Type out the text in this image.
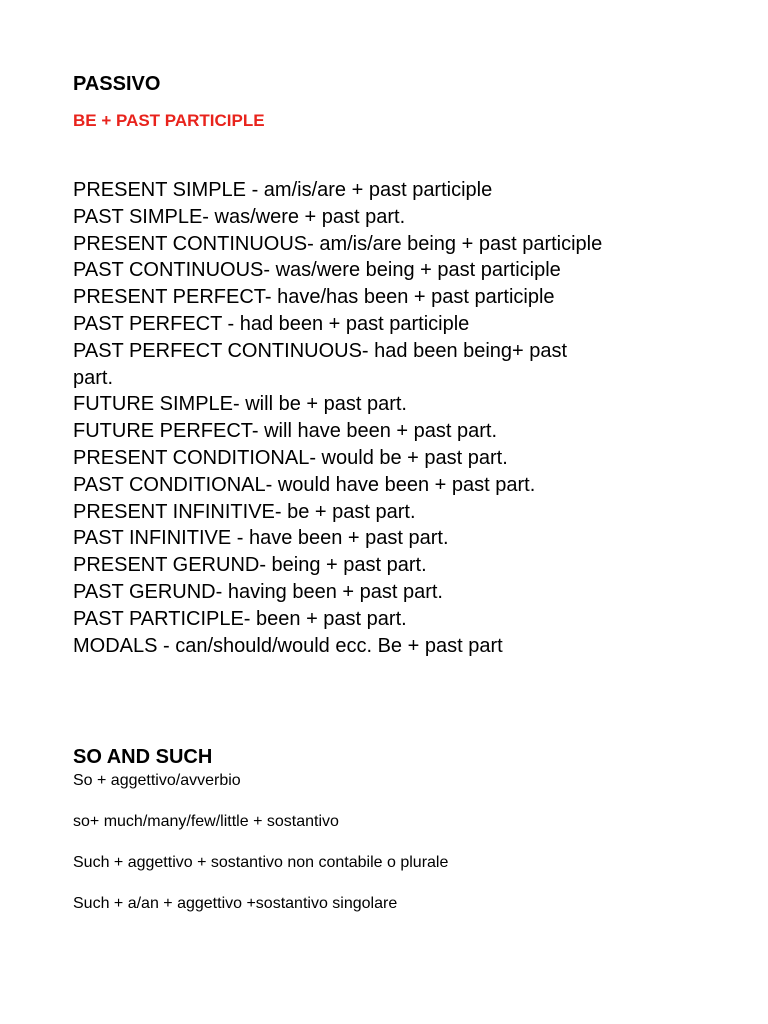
PASSIVO
BE + PAST PARTICIPLE
PRESENT SIMPLE - am/is/are + past participle
PAST SIMPLE- was/were + past part.
PRESENT CONTINUOUS- am/is/are being + past participle
PAST CONTINUOUS- was/were being + past participle
PRESENT PERFECT- have/has been + past participle
PAST PERFECT - had been + past participle
PAST PERFECT CONTINUOUS- had been being+ past
part.
FUTURE SIMPLE- will be + past part.
FUTURE PERFECT- will have been + past part.
PRESENT CONDITIONAL- would be + past part.
PAST CONDITIONAL- would have been + past part.
PRESENT INFINITIVE- be + past part.
PAST INFINITIVE - have been + past part.
PRESENT GERUND- being + past part.
PAST GERUND- having been + past part.
PAST PARTICIPLE- been + past part.
MODALS - can/should/would ecc. Be + past part
SO AND SUCH
So + aggettivo/avverbio
so+ much/many/few/little + sostantivo
Such + aggettivo + sostantivo non contabile o plurale
Such + a/an + aggettivo +sostantivo singolare
